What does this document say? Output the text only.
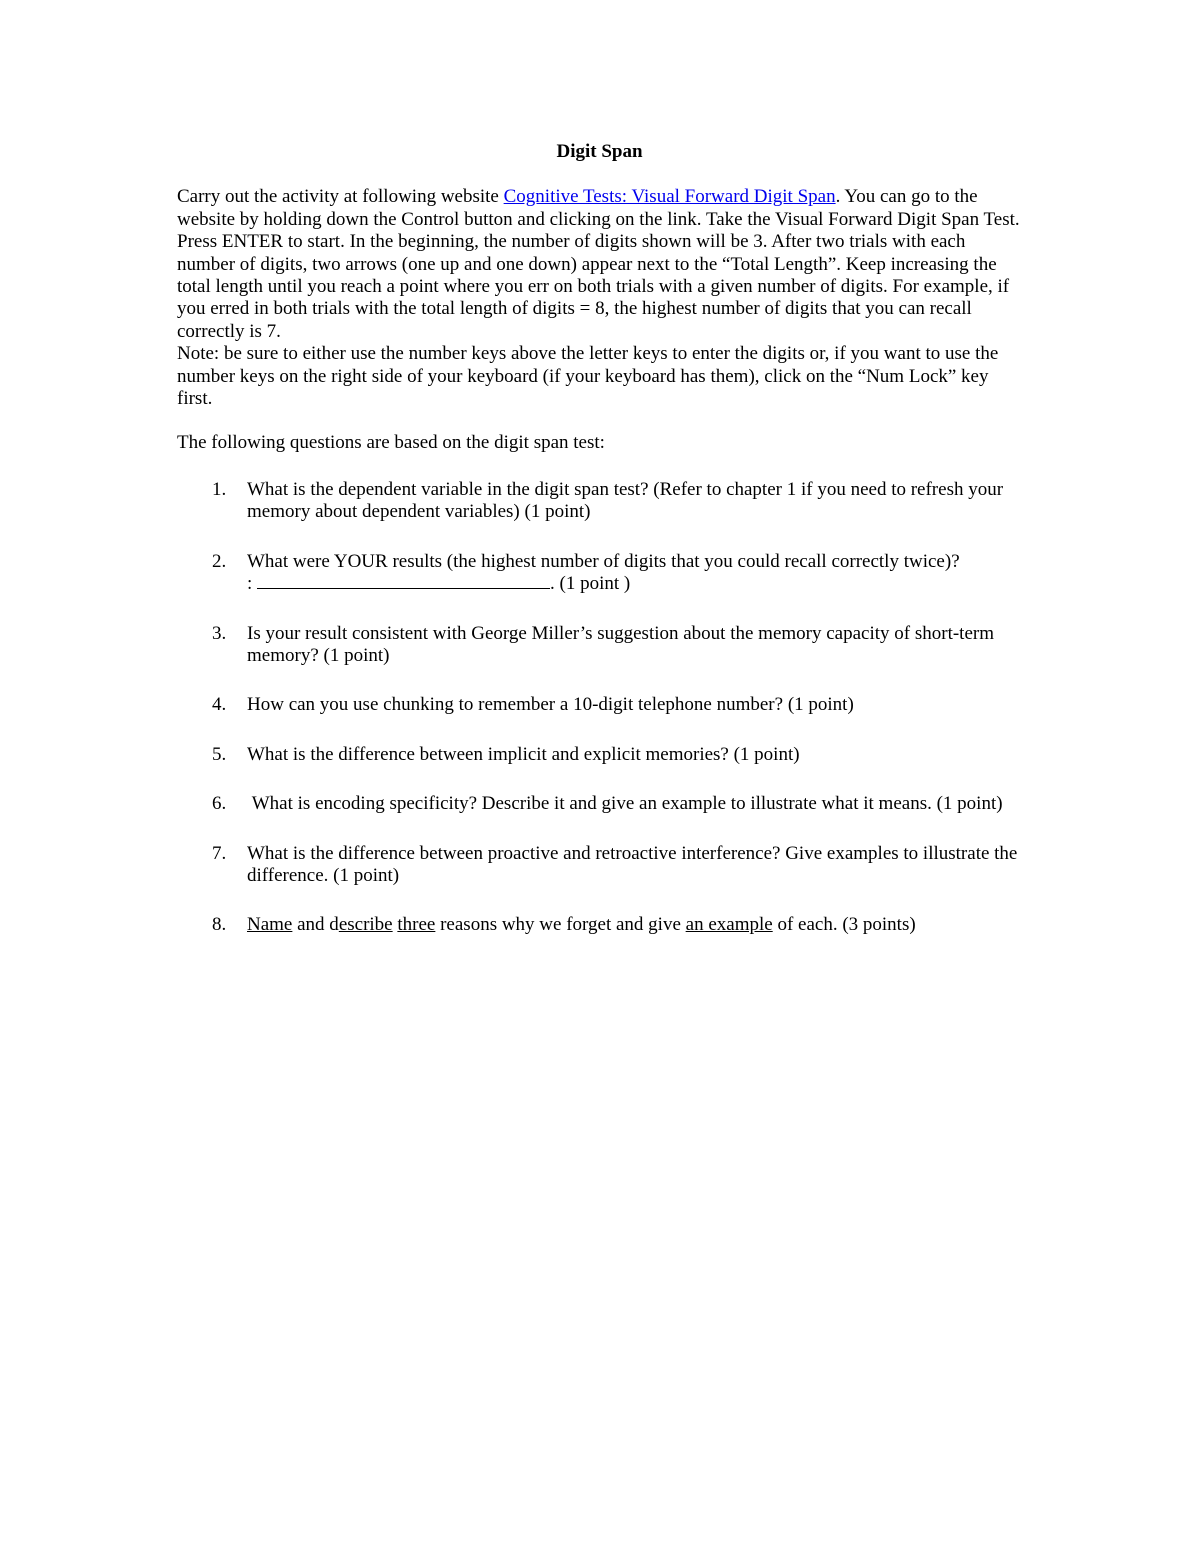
Digit Span

Carry out the activity at following website Cognitive Tests: Visual Forward Digit Span. You can go to the website by holding down the Control button and clicking on the link. Take the Visual Forward Digit Span Test. Press ENTER to start. In the beginning, the number of digits shown will be 3. After two trials with each number of digits, two arrows (one up and one down) appear next to the “Total Length”. Keep increasing the total length until you reach a point where you err on both trials with a given number of digits. For example, if you erred in both trials with the total length of digits = 8, the highest number of digits that you can recall correctly is 7.

Note: be sure to either use the number keys above the letter keys to enter the digits or, if you want to use the number keys on the right side of your keyboard (if your keyboard has them), click on the “Num Lock” key first.

The following questions are based on the digit span test:

1. What is the dependent variable in the digit span test? (Refer to chapter 1 if you need to refresh your memory about dependent variables) (1 point)
2. What were YOUR results (the highest number of digits that you could recall correctly twice)?
:	. (1 point )
3. Is your result consistent with George Miller’s suggestion about the memory capacity of short-term memory? (1 point)
4. How can you use chunking to remember a 10-digit telephone number? (1 point)
5. What is the difference between implicit and explicit memories? (1 point)
6. What is encoding specificity? Describe it and give an example to illustrate what it means. (1 point)
7. What is the difference between proactive and retroactive interference? Give examples to illustrate the difference. (1 point)
8. Name and describe three reasons why we forget and give an example of each. (3 points)
